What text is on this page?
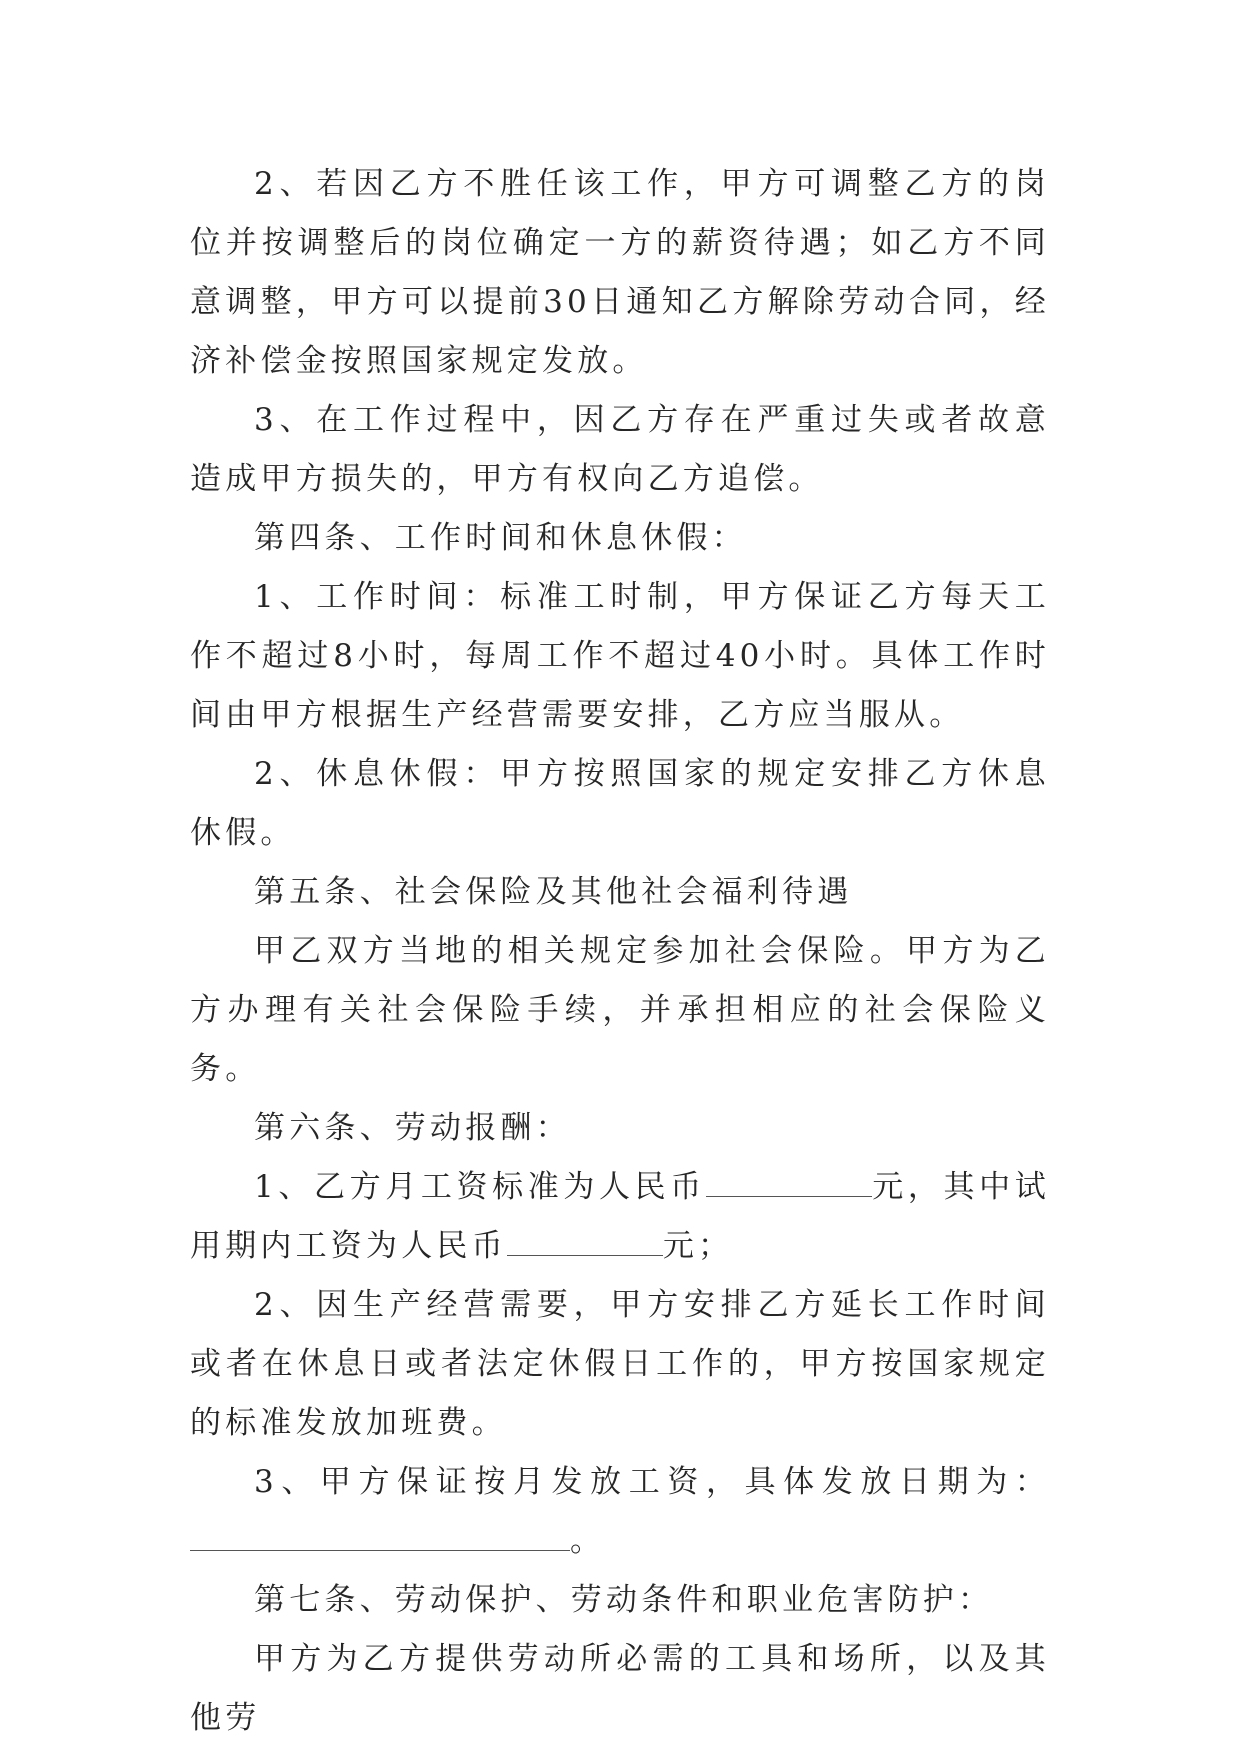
2、若因乙方不胜任该工作，甲方可调整乙方的岗位并按调整后的岗位确定一方的薪资待遇；如乙方不同意调整，甲方可以提前30日通知乙方解除劳动合同，经济补偿金按照国家规定发放。

3、在工作过程中，因乙方存在严重过失或者故意造成甲方损失的，甲方有权向乙方追偿。

第四条、工作时间和休息休假：

1、工作时间：标准工时制，甲方保证乙方每天工作不超过8小时，每周工作不超过40小时。具体工作时间由甲方根据生产经营需要安排，乙方应当服从。

2、休息休假：甲方按照国家的规定安排乙方休息休假。

第五条、社会保险及其他社会福利待遇

甲乙双方当地的相关规定参加社会保险。甲方为乙方办理有关社会保险手续，并承担相应的社会保险义务。

第六条、劳动报酬：

1、乙方月工资标准为人民币	元，其中试用期内工资为人民币	元；

2、因生产经营需要，甲方安排乙方延长工作时间或者在休息日或者法定休假日工作的，甲方按国家规定的标准发放加班费。

3、甲方保证按月发放工资，具体发放日期为：

。

第七条、劳动保护、劳动条件和职业危害防护：

甲方为乙方提供劳动所必需的工具和场所，以及其他劳
